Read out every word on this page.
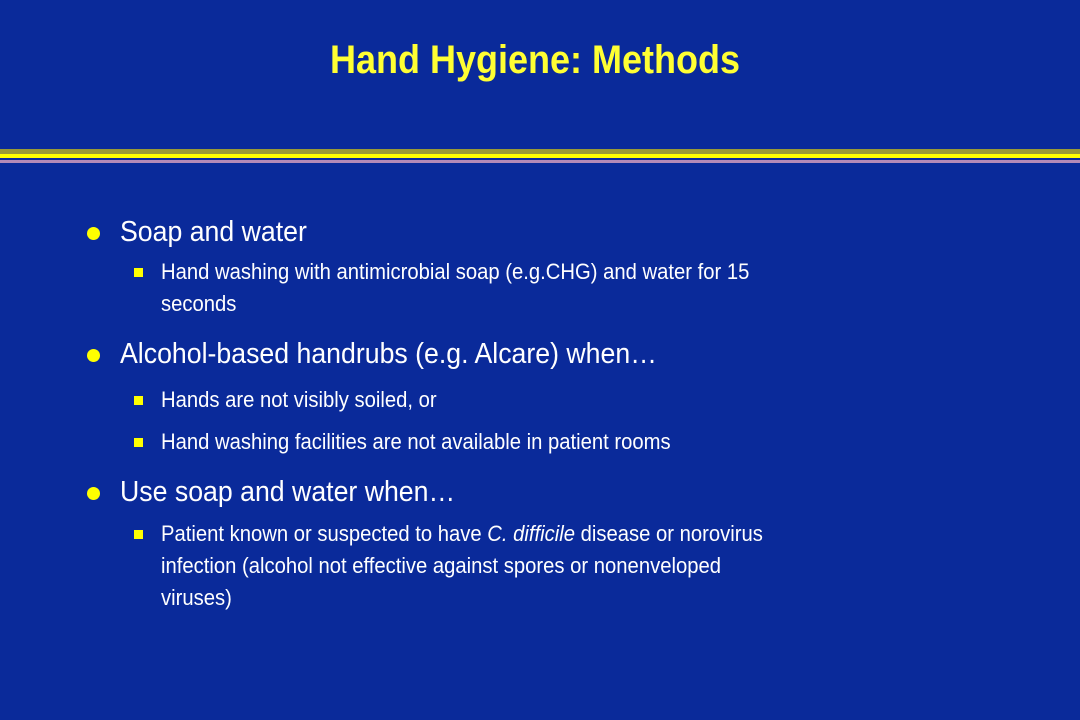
Hand Hygiene: Methods
Soap and water
Hand washing with antimicrobial soap (e.g.CHG) and water for 15
seconds
Alcohol-based handrubs (e.g. Alcare) when…
Hands are not visibly soiled, or
Hand washing facilities are not available in patient rooms
Use soap and water when…
Patient known or suspected to have C. difficile disease or norovirus
infection (alcohol not effective against spores or nonenveloped
viruses)
